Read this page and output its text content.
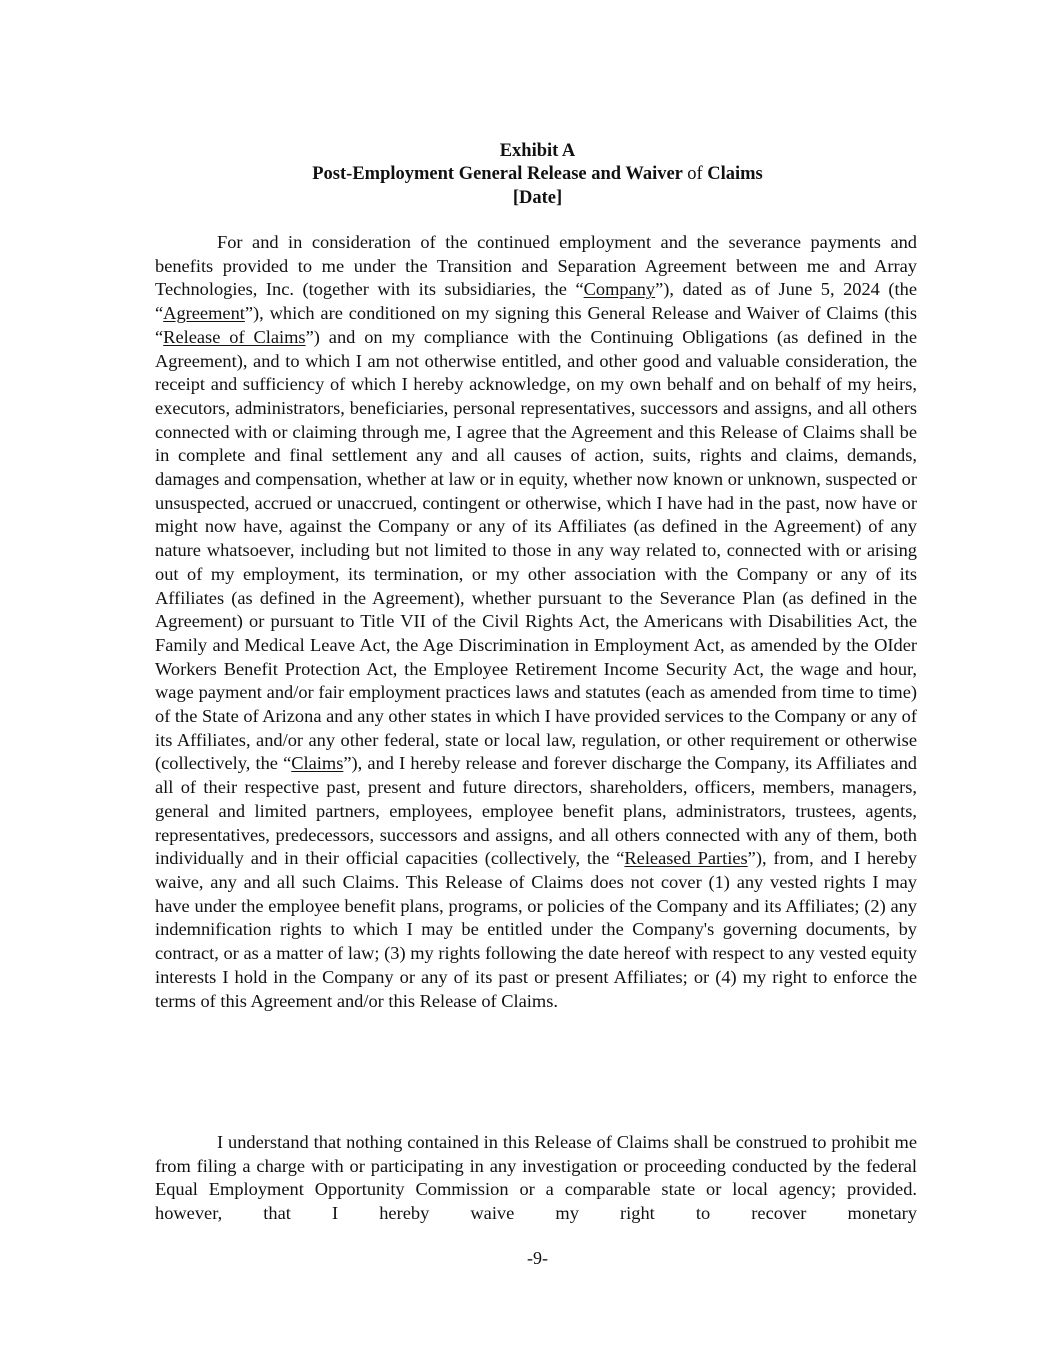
Exhibit A
Post-Employment General Release and Waiver of Claims
[Date]
For and in consideration of the continued employment and the severance payments and benefits provided to me under the Transition and Separation Agreement between me and Array Technologies, Inc. (together with its subsidiaries, the “Company”), dated as of June 5, 2024 (the “Agreement”), which are conditioned on my signing this General Release and Waiver of Claims (this “Release of Claims”) and on my compliance with the Continuing Obligations (as defined in the Agreement), and to which I am not otherwise entitled, and other good and valuable consideration, the receipt and sufficiency of which I hereby acknowledge, on my own behalf and on behalf of my heirs, executors, administrators, beneficiaries, personal representatives, successors and assigns, and all others connected with or claiming through me, I agree that the Agreement and this Release of Claims shall be in complete and final settlement any and all causes of action, suits, rights and claims, demands, damages and compensation, whether at law or in equity, whether now known or unknown, suspected or unsuspected, accrued or unaccrued, contingent or otherwise, which I have had in the past, now have or might now have, against the Company or any of its Affiliates (as defined in the Agreement) of any nature whatsoever, including but not limited to those in any way related to, connected with or arising out of my employment, its termination, or my other association with the Company or any of its Affiliates (as defined in the Agreement), whether pursuant to the Severance Plan (as defined in the Agreement) or pursuant to Title VII of the Civil Rights Act, the Americans with Disabilities Act, the Family and Medical Leave Act, the Age Discrimination in Employment Act, as amended by the OIder Workers Benefit Protection Act, the Employee Retirement Income Security Act, the wage and hour, wage payment and/or fair employment practices laws and statutes (each as amended from time to time) of the State of Arizona and any other states in which I have provided services to the Company or any of its Affiliates, and/or any other federal, state or local law, regulation, or other requirement or otherwise (collectively, the “Claims”), and I hereby release and forever discharge the Company, its Affiliates and all of their respective past, present and future directors, shareholders, officers, members, managers, general and limited partners, employees, employee benefit plans, administrators, trustees, agents, representatives, predecessors, successors and assigns, and all others connected with any of them, both individually and in their official capacities (collectively, the “Released Parties”), from, and I hereby waive, any and all such Claims. This Release of Claims does not cover (1) any vested rights I may have under the employee benefit plans, programs, or policies of the Company and its Affiliates; (2) any indemnification rights to which I may be entitled under the Company's governing documents, by contract, or as a matter of law; (3) my rights following the date hereof with respect to any vested equity interests I hold in the Company or any of its past or present Affiliates; or (4) my right to enforce the terms of this Agreement and/or this Release of Claims.
I understand that nothing contained in this Release of Claims shall be construed to prohibit me from filing a charge with or participating in any investigation or proceeding conducted by the federal Equal Employment Opportunity Commission or a comparable state or local agency; provided. however, that I hereby waive my right to recover monetary
-9-
